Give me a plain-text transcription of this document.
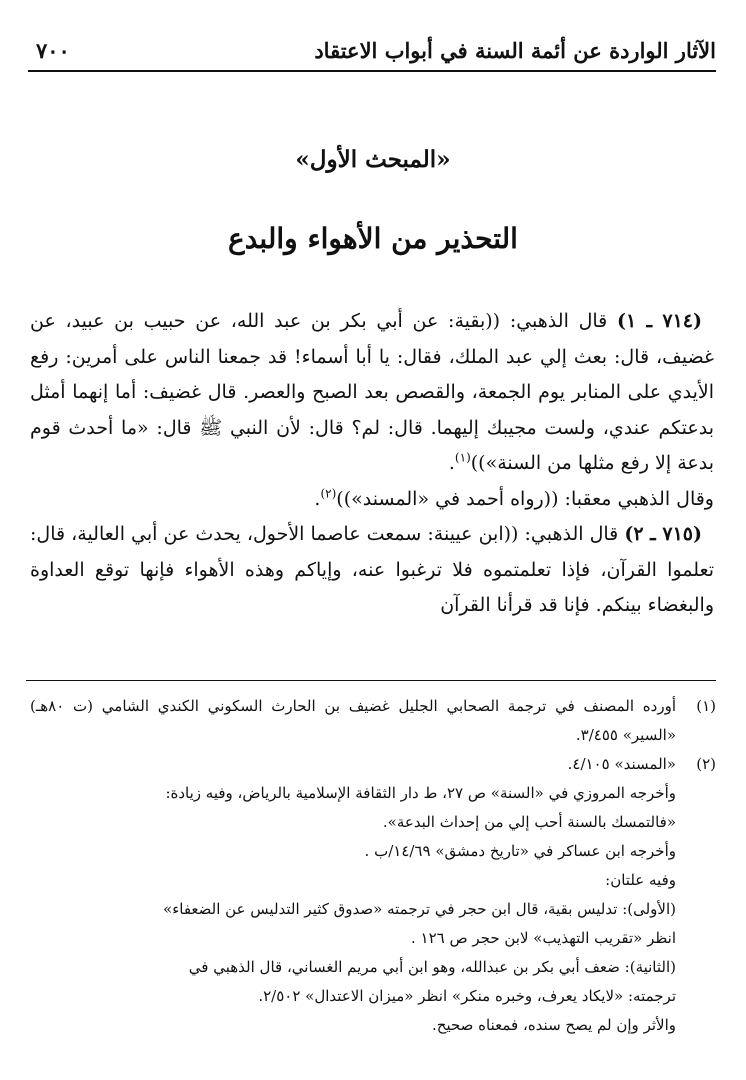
الآثار الواردة عن أئمة السنة في أبواب الاعتقاد
٧٠٠
«المبحث الأول»
التحذير من الأهواء والبدع

(٧١٤ ـ ١) قال الذهبي: ((بقية: عن أبي بكر بن عبد الله، عن حبيب بن عبيد، عن غضيف، قال: بعث إلي عبد الملك، فقال: يا أبا أسماء! قد جمعنا الناس على أمرين: رفع الأيدي على المنابر يوم الجمعة، والقصص بعد الصبح والعصر. قال غضيف: أما إنهما أمثل بدعتكم عندي، ولست مجيبك إليهما. قال: لم؟ قال: لأن النبي ﷺ قال: «ما أحدث قوم بدعة إلا رفع مثلها من السنة»))$^{(١)}$.

وقال الذهبي معقبا: ((رواه أحمد في «المسند»))$^{(٢)}$.

(٧١٥ ـ ٢) قال الذهبي: ((ابن عيينة: سمعت عاصما الأحول، يحدث عن أبي العالية، قال: تعلموا القرآن، فإذا تعلمتموه فلا ترغبوا عنه، وإياكم وهذه الأهواء فإنها توقع العداوة والبغضاء بينكم. فإنا قد قرأنا القرآن

(١)
أورده المصنف في ترجمة الصحابي الجليل غضيف بن الحارث السكوني الكندي الشامي (ت ٨٠هـ) «السير» ٣/٤٥٥.
(٢)
«المسند» ٤/١٠٥.
وأخرجه المروزي في «السنة» ص ٢٧، ط دار الثقافة الإسلامية بالرياض، وفيه زيادة:
«فالتمسك بالسنة أحب إلي من إحداث البدعة».
وأخرجه ابن عساكر في «تاريخ دمشق» ١٤/٦٩/ب .
وفيه علتان:
(الأولى): تدليس بقية، قال ابن حجر في ترجمته «صدوق كثير التدليس عن الضعفاء»
انظر «تقريب التهذيب» لابن حجر ص ١٢٦ .
(الثانية): ضعف أبي بكر بن عبدالله، وهو ابن أبي مريم الغساني، قال الذهبي في
ترجمته: «لايكاد يعرف، وخبره منكر» انظر «ميزان الاعتدال» ٢/٥٠٢.
والأثر وإن لم يصح سنده، فمعناه صحيح.
